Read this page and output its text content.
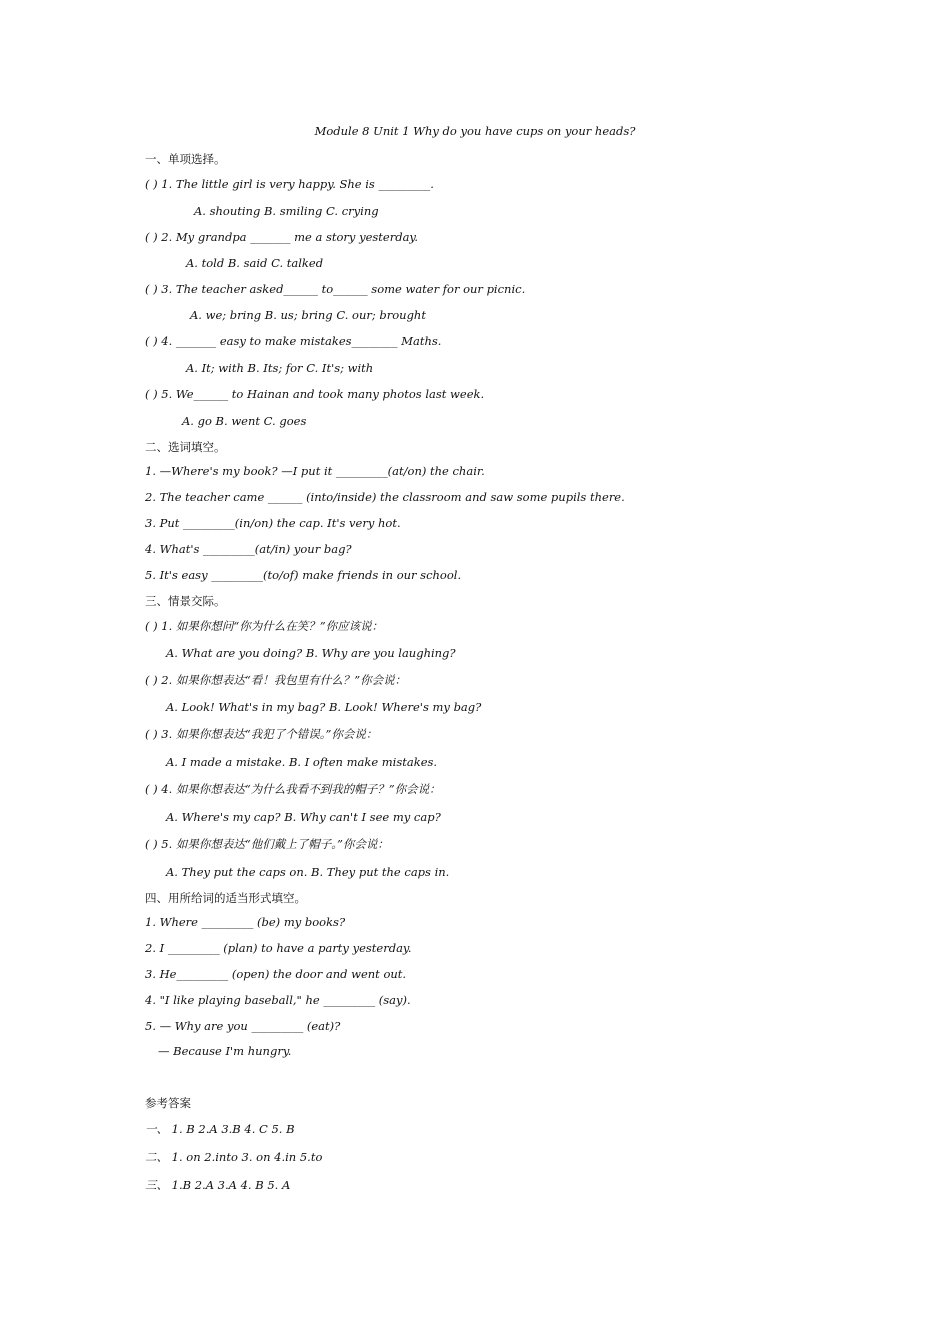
Module 8 Unit 1 Why do you have cups on your heads?
一、单项选择。
( ) 1. The little girl is very happy. She is _________.
A. shouting B. smiling C. crying
( ) 2. My grandpa _______ me a story yesterday.
A. told B. said C. talked
( ) 3. The teacher asked______ to______ some water for our picnic.
A. we; bring B. us; bring C. our; brought
( ) 4. _______ easy to make mistakes________ Maths.
A. It; with B. Its; for C. It's; with
( ) 5. We______ to Hainan and took many photos last week.
A. go B. went C. goes
二、选词填空。
1. —Where's my book? —I put it _________(at/on) the chair.
2. The teacher came ______ (into/inside) the classroom and saw some pupils there.
3. Put _________(in/on) the cap. It's very hot.
4. What's _________(at/in) your bag?
5. It's easy _________(to/of) make friends in our school.
三、情景交际。
( ) 1. 如果你想问“你为什么在笑？”你应该说：
A. What are you doing? B. Why are you laughing?
( ) 2. 如果你想表达“看！我包里有什么？”你会说：
A. Look! What's in my bag? B. Look! Where's my bag?
( ) 3. 如果你想表达“我犯了个错误。”你会说：
A. I made a mistake. B. I often make mistakes.
( ) 4. 如果你想表达“为什么我看不到我的帽子？”你会说：
A. Where's my cap? B. Why can't I see my cap?
( ) 5. 如果你想表达“他们戴上了帽子。”你会说：
A. They put the caps on. B. They put the caps in.
四、用所给词的适当形式填空。
1. Where _________ (be) my books?
2. I _________ (plan) to have a party yesterday.
3. He_________ (open) the door and went out.
4. "I like playing baseball," he _________ (say).
5. — Why are you _________ (eat)?
— Because I'm hungry.
参考答案
一、 1. B 2.A 3.B 4. C 5. B
二、 1. on 2.into 3. on 4.in 5.to
三、 1.B 2.A 3.A 4. B 5. A
